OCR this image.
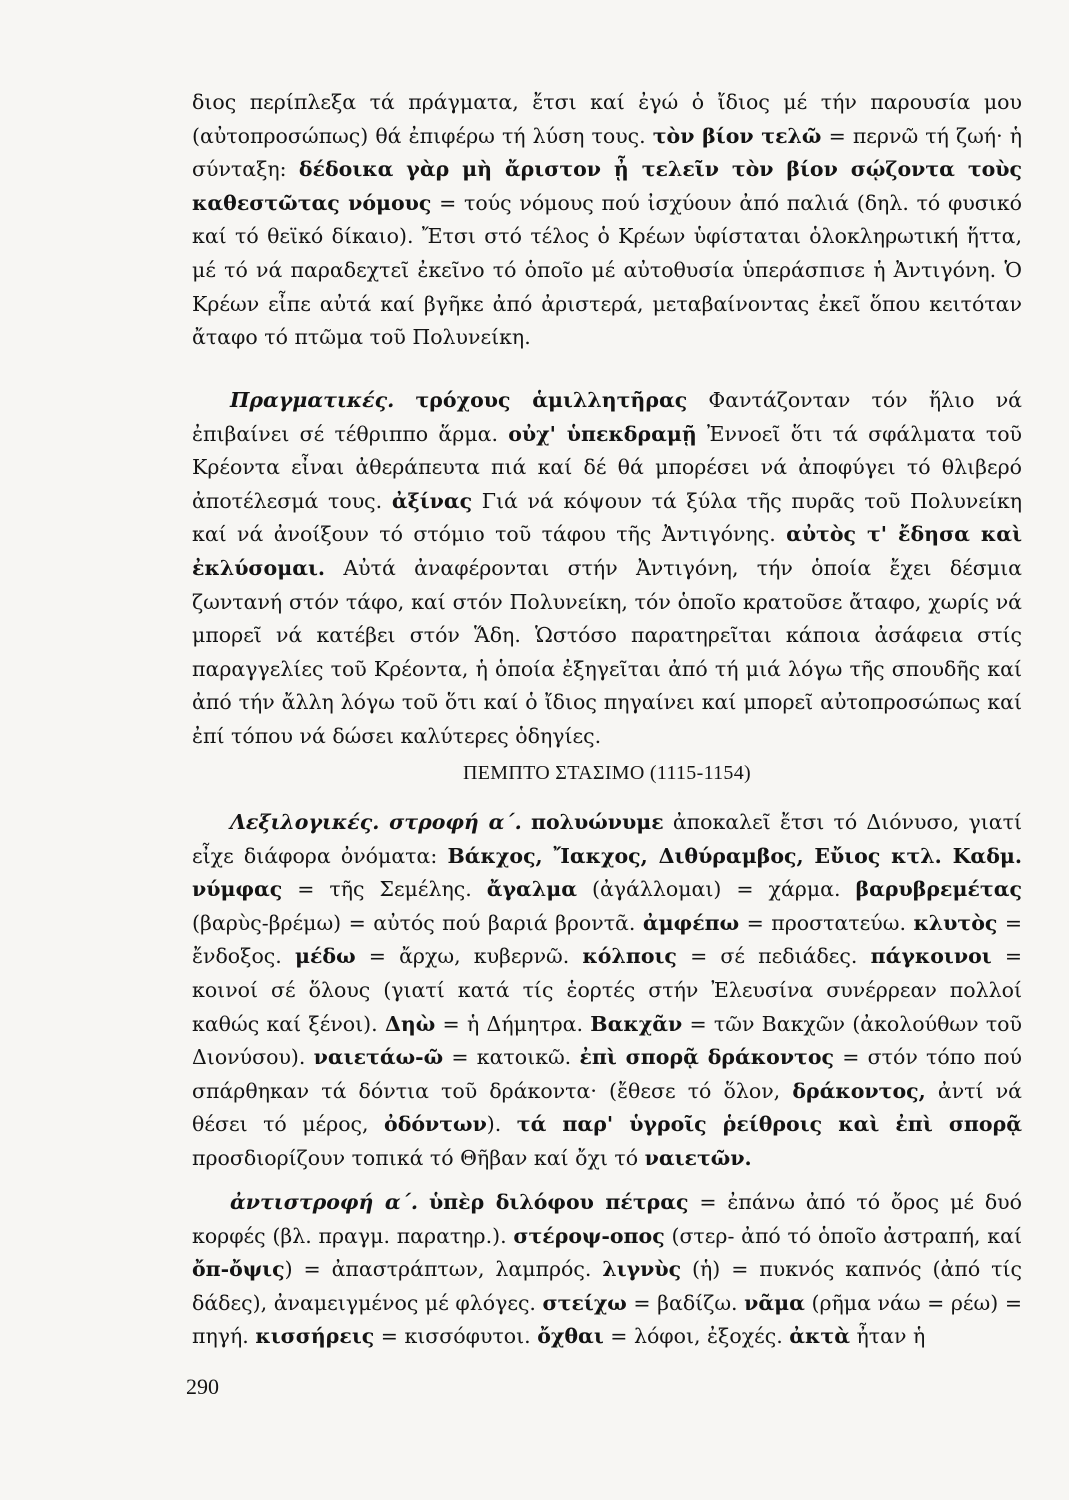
διος περίπλεξα τά πράγματα, ἔτσι καί ἐγώ ὁ ἴδιος μέ τήν παρουσία μου (αὐτοπροσώπως) θά ἐπιφέρω τή λύση τους. τὸν βίον τελῶ = περνῶ τή ζωή· ἡ σύνταξη: δέδοικα γὰρ μὴ ἄριστον ᾖ τελεῖν τὸν βίον σῴζοντα τοὺς καθεστῶτας νόμους = τούς νόμους πού ἰσχύουν ἀπό παλιά (δηλ. τό φυσικό καί τό θεϊκό δίκαιο). Ἔτσι στό τέλος ὁ Κρέων ὑφίσταται ὁλοκληρωτική ἥττα, μέ τό νά παραδεχτεῖ ἐκεῖνο τό ὁποῖο μέ αὐτοθυσία ὑπεράσπισε ἡ Ἀντιγόνη. Ὁ Κρέων εἶπε αὐτά καί βγῆκε ἀπό ἀριστερά, μεταβαίνοντας ἐκεῖ ὅπου κειτόταν ἄταφο τό πτῶμα τοῦ Πολυνείκη.
Πραγματικές. τρόχους ἁμιλλητῆρας Φαντάζονταν τόν ἥλιο νά ἐπιβαίνει σέ τέθριππο ἅρμα. οὐχ' ὑπεκδραμῇ Ἐννοεῖ ὅτι τά σφάλματα τοῦ Κρέοντα εἶναι ἀθεράπευτα πιά καί δέ θά μπορέσει νά ἀποφύγει τό θλιβερό ἀποτέλεσμά τους. ἀξίνας Γιά νά κόψουν τά ξύλα τῆς πυρᾶς τοῦ Πολυνείκη καί νά ἀνοίξουν τό στόμιο τοῦ τάφου τῆς Ἀντιγόνης. αὐτὸς τ' ἔδησα καὶ ἐκλύσομαι. Αὐτά ἀναφέρονται στήν Ἀντιγόνη, τήν ὁποία ἔχει δέσμια ζωντανή στόν τάφο, καί στόν Πολυνείκη, τόν ὁποῖο κρατοῦσε ἄταφο, χωρίς νά μπορεῖ νά κατέβει στόν Ἅδη. Ὡστόσο παρατηρεῖται κάποια ἀσάφεια στίς παραγγελίες τοῦ Κρέοντα, ἡ ὁποία ἐξηγεῖται ἀπό τή μιά λόγω τῆς σπουδῆς καί ἀπό τήν ἄλλη λόγω τοῦ ὅτι καί ὁ ἴδιος πηγαίνει καί μπορεῖ αὐτοπροσώπως καί ἐπί τόπου νά δώσει καλύτερες ὁδηγίες.
ΠΕΜΠΤΟ ΣΤΑΣΙΜΟ (1115-1154)
Λεξιλογικές. στροφή α΄. πολυώνυμε ἀποκαλεῖ ἔτσι τό Διόνυσο, γιατί εἶχε διάφορα ὀνόματα: Βάκχος, Ἴακχος, Διθύραμβος, Εὔιος κτλ. Καδμ. νύμφας = τῆς Σεμέλης. ἄγαλμα (ἀγάλλομαι) = χάρμα. βαρυβρεμέτας (βαρὺς-βρέμω) = αὐτός πού βαριά βροντᾶ. ἀμφέπω = προστατεύω. κλυτὸς = ἔνδοξος. μέδω = ἄρχω, κυβερνῶ. κόλποις = σέ πεδιάδες. πάγκοινοι = κοινοί σέ ὅλους (γιατί κατά τίς ἑορτές στήν Ἐλευσίνα συνέρρεαν πολλοί καθώς καί ξένοι). Δηὼ = ἡ Δήμητρα. Βακχᾶν = τῶν Βακχῶν (ἀκολούθων τοῦ Διονύσου). ναιετάω-ῶ = κατοικῶ. ἐπὶ σπορᾷ δράκοντος = στόν τόπο πού σπάρθηκαν τά δόντια τοῦ δράκοντα· (ἔθεσε τό ὅλον, δράκοντος, ἀντί νά θέσει τό μέρος, ὀδόντων). τά παρ' ὑγροῖς ῥείθροις καὶ ἐπὶ σπορᾷ προσδιορίζουν τοπικά τό Θῆβαν καί ὄχι τό ναιετῶν.
ἀντιστροφή α΄. ὑπὲρ διλόφου πέτρας = ἐπάνω ἀπό τό ὄρος μέ δυό κορφές (βλ. πραγμ. παρατηρ.). στέροψ-οπος (στερ- ἀπό τό ὁποῖο ἀστραπή, καί ὄπ-ὄψις) = ἀπαστράπτων, λαμπρός. λιγνὺς (ἡ) = πυκνός καπνός (ἀπό τίς δάδες), ἀναμειγμένος μέ φλόγες. στείχω = βαδίζω. νᾶμα (ρῆμα νάω = ρέω) = πηγή. κισσήρεις = κισσόφυτοι. ὄχθαι = λόφοι, ἐξοχές. ἀκτὰ ἦταν ἡ
290
